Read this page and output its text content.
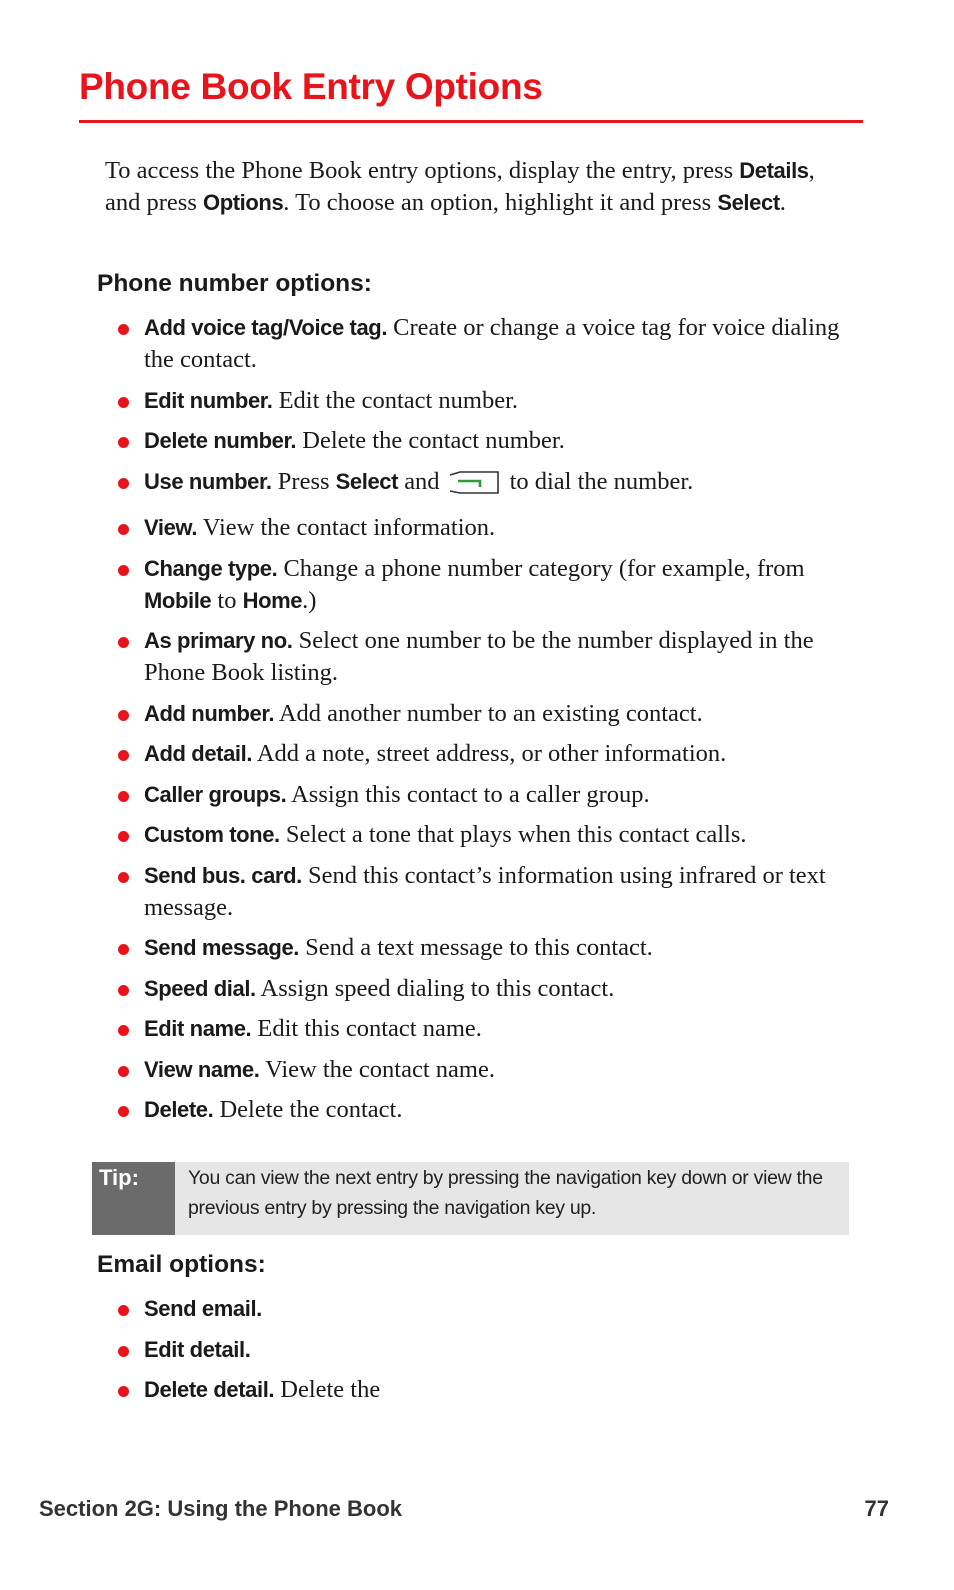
Phone Book Entry Options

To access the Phone Book entry options, display the entry, press Details, and press Options. To choose an option, highlight it and press Select.

Phone number options:
Add voice tag/Voice tag. Create or change a voice tag for voice dialing the contact.
Edit number. Edit the contact number.
Delete number. Delete the contact number.
Use number. Press Select and	to dial the number.
View. View the contact information.
Change type. Change a phone number category (for example, from Mobile to Home.)
As primary no. Select one number to be the number displayed in the Phone Book listing.
Add number. Add another number to an existing contact.
Add detail. Add a note, street address, or other information.
Caller groups. Assign this contact to a caller group.
Custom tone. Select a tone that plays when this contact calls.
Send bus. card. Send this contact’s information using infrared or text message.
Send message. Send a text message to this contact.
Speed dial. Assign speed dialing to this contact.
Edit name. Edit this contact name.
View name. View the contact name.
Delete. Delete the contact.
Tip:	You can view the next entry by pressing the navigation key down or view the previous entry by pressing the navigation key up.

Email options:
Send email.
Edit detail.
Delete detail. Delete the
Section 2G: Using the Phone Book	77
